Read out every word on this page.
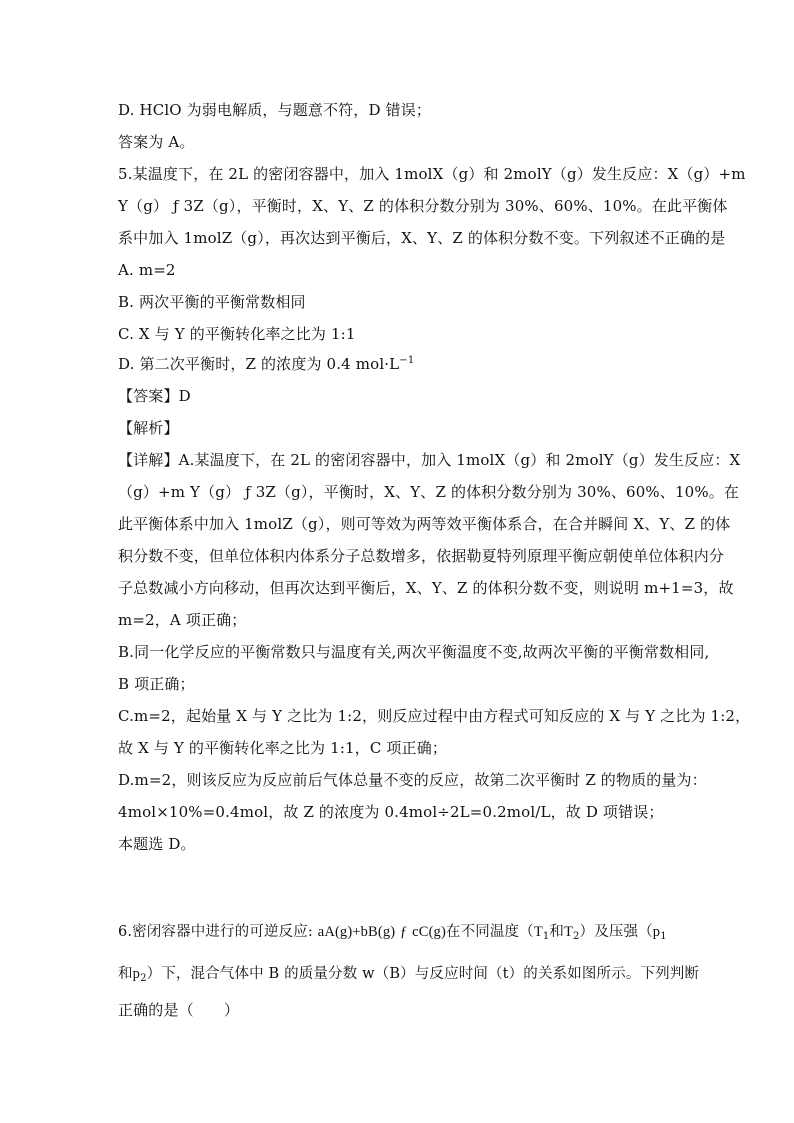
D. HClO 为弱电解质，与题意不符，D 错误；
答案为 A。
5.某温度下，在 2L 的密闭容器中，加入 1molX（g）和 2molY（g）发生反应：X（g）+m
Y（g） ƒ 3Z（g），平衡时，X、Y、Z 的体积分数分别为 30%、60%、10%。在此平衡体
系中加入 1molZ（g），再次达到平衡后，X、Y、Z 的体积分数不变。下列叙述不正确的是
A. m=2
B. 两次平衡的平衡常数相同
C. X 与 Y 的平衡转化率之比为 1:1
D. 第二次平衡时，Z 的浓度为 0.4 $mol\cdot L^{-1}$
【答案】D
【解析】
【详解】A.某温度下，在 2L 的密闭容器中，加入 1molX（g）和 2molY（g）发生反应：X
（g）+m Y（g） ƒ 3Z（g），平衡时，X、Y、Z 的体积分数分别为 30%、60%、10%。在
此平衡体系中加入 1molZ（g），则可等效为两等效平衡体系合，在合并瞬间 X、Y、Z 的体
积分数不变，但单位体积内体系分子总数增多，依据勒夏特列原理平衡应朝使单位体积内分
子总数减小方向移动，但再次达到平衡后，X、Y、Z 的体积分数不变，则说明 m+1=3，故
m=2，A 项正确；
B.同一化学反应的平衡常数只与温度有关,两次平衡温度不变,故两次平衡的平衡常数相同,
B 项正确；
C.m=2，起始量 X 与 Y 之比为 1:2，则反应过程中由方程式可知反应的 X 与 Y 之比为 1:2，
故 X 与 Y 的平衡转化率之比为 1:1，C 项正确；
D.m=2，则该反应为反应前后气体总量不变的反应，故第二次平衡时 Z 的物质的量为：
4mol×10%=0.4mol，故 Z 的浓度为 0.4mol÷2L=0.2mol/L，故 D 项错误；
本题选 D。
6.密闭容器中进行的可逆反应: aA(g)+bB(g) ƒ cC(g)在不同温度（$T_1$和$T_2$）及压强（$p_1$
和$p_2$）下，混合气体中 B 的质量分数 w（B）与反应时间（t）的关系如图所示。下列判断
正确的是（　　）
